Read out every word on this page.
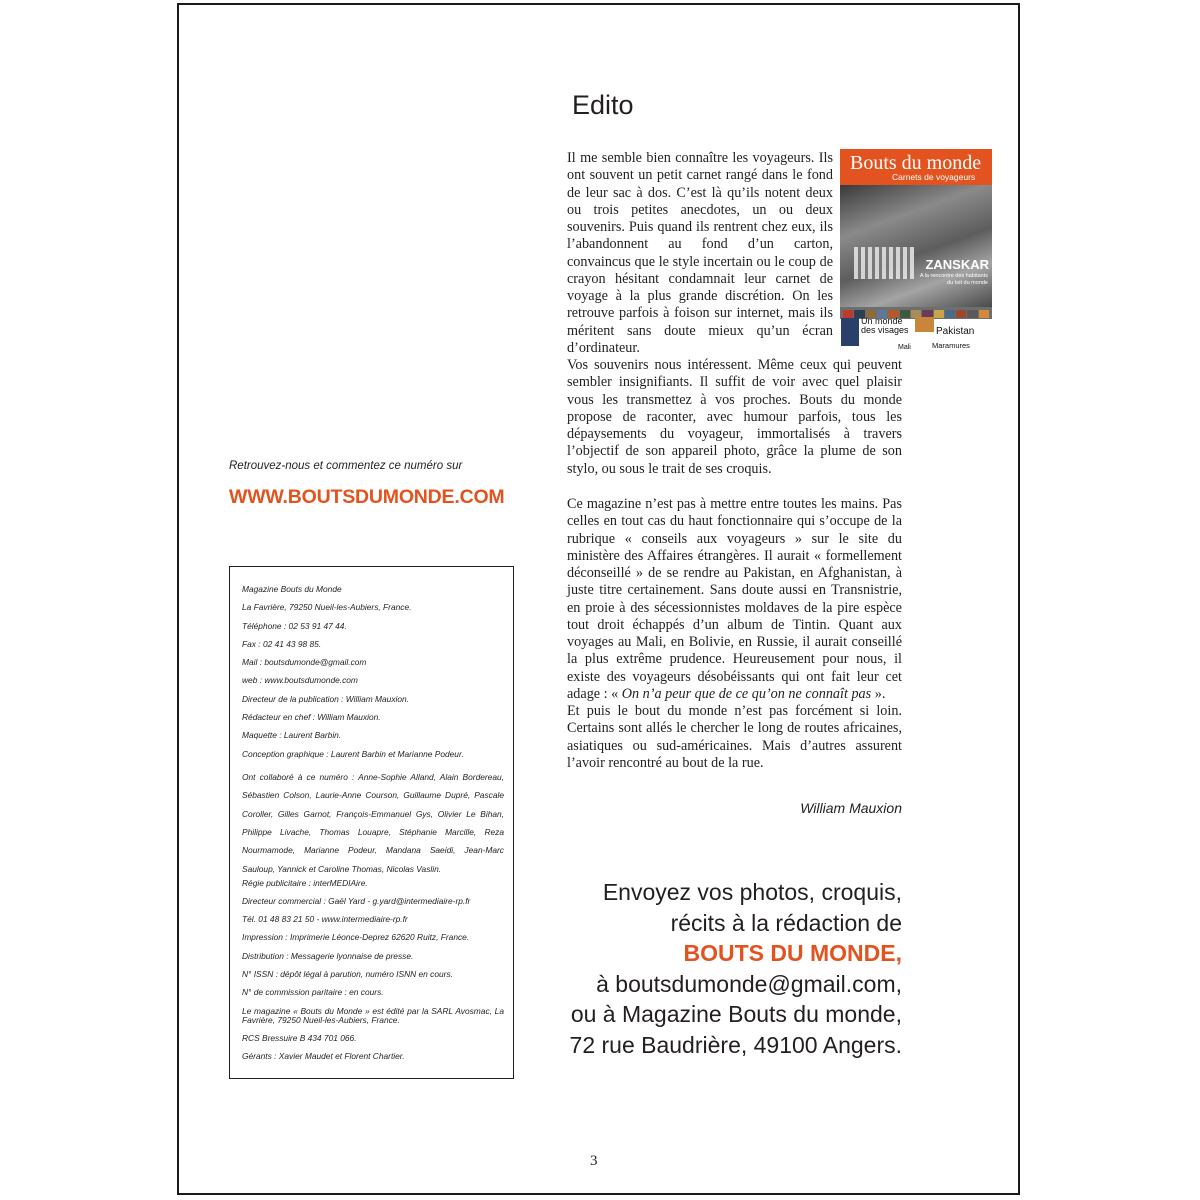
Edito

Il me semble bien connaître les voyageurs. Ils ont souvent un petit carnet rangé dans le fond de leur sac à dos. C’est là qu’ils notent deux ou trois petites anecdotes, un ou deux souvenirs. Puis quand ils rentrent chez eux, ils l’abandonnent au fond d’un carton, convaincus que le style incertain ou le coup de crayon hésitant condamnait leur carnet de voyage à la plus grande discrétion. On les retrouve parfois à foison sur internet, mais ils méritent sans doute mieux qu’un écran d’ordinateur.

Vos souvenirs nous intéressent. Même ceux qui peuvent sembler insignifiants. Il suffit de voir avec quel plaisir vous les transmettez à vos proches. Bouts du monde propose de raconter, avec humour parfois, tous les dépaysements du voyageur, immortalisés à travers l’objectif de son appareil photo, grâce la plume de son stylo, ou sous le trait de ses croquis.

Ce magazine n’est pas à mettre entre toutes les mains. Pas celles en tout cas du haut fonctionnaire qui s’occupe de la rubrique « conseils aux voyageurs » sur le site du ministère des Affaires étrangères. Il aurait « formellement déconseillé » de se rendre au Pakistan, en Afghanistan, à juste titre certainement. Sans doute aussi en Transnistrie, en proie à des sécessionnistes moldaves de la pire espèce tout droit échappés d’un album de Tintin. Quant aux voyages au Mali, en Bolivie, en Russie, il aurait conseillé la plus extrême prudence. Heureusement pour nous, il existe des voyageurs désobéissants qui ont fait leur cet adage : « On n’a peur que de ce qu’on ne connaît pas ».

Et puis le bout du monde n’est pas forcément si loin. Certains sont allés le chercher le long de routes africaines, asiatiques ou sud-américaines. Mais d’autres assurent l’avoir rencontré au bout de la rue.

Bouts du monde
Carnets de voyageurs
ZANSKAR
A la rencontre des habitants du toit du monde
Un monde des visages	Pakistan
Mali	Maramures
William Mauxion
Retrouvez-nous et commentez ce numéro sur
WWW.BOUTSDUMONDE.COM
Magazine Bouts du Monde
La Favrière, 79250 Nueil-les-Aubiers, France.
Téléphone : 02 53 91 47 44.
Fax : 02 41 43 98 85.
Mail : boutsdumonde@gmail.com
web : www.boutsdumonde.com
Directeur de la publication : William Mauxion.
Rédacteur en chef : William Mauxion.
Maquette : Laurent Barbin.
Conception graphique : Laurent Barbin et Marianne Podeur.
Ont collaboré à ce numéro : Anne-Sophie Alland, Alain Bordereau, Sébastien Colson, Laurie-Anne Courson, Guillaume Dupré, Pascale Coroller, Gilles Garnot, François-Emmanuel Gys, Olivier Le Bihan, Philippe Livache, Thomas Louapre, Stéphanie Marcille, Reza Nourmamode, Marianne Podeur, Mandana Saeidi, Jean-Marc Sauloup, Yannick et Caroline Thomas, Nicolas Vaslin.
Régie publicitaire : interMEDIAire.
Directeur commercial : Gaël Yard - g.yard@intermediaire-rp.fr
Tél. 01 48 83 21 50 - www.intermediaire-rp.fr
Impression : Imprimerie Léonce-Deprez 62620 Ruitz, France.
Distribution : Messagerie lyonnaise de presse.
N° ISSN : dépôt légal à parution, numéro ISNN en cours.
N° de commission paritaire : en cours.
Le magazine « Bouts du Monde » est édité par la SARL Avosmac, La Favrière, 79250 Nueil-les-Aubiers, France.
RCS Bressuire B 434 701 066.
Gérants : Xavier Maudet et Florent Chartier.
Envoyez vos photos, croquis,
récits à la rédaction de
BOUTS DU MONDE,
à boutsdumonde@gmail.com,
ou à Magazine Bouts du monde,
72 rue Baudrière, 49100 Angers.
3
